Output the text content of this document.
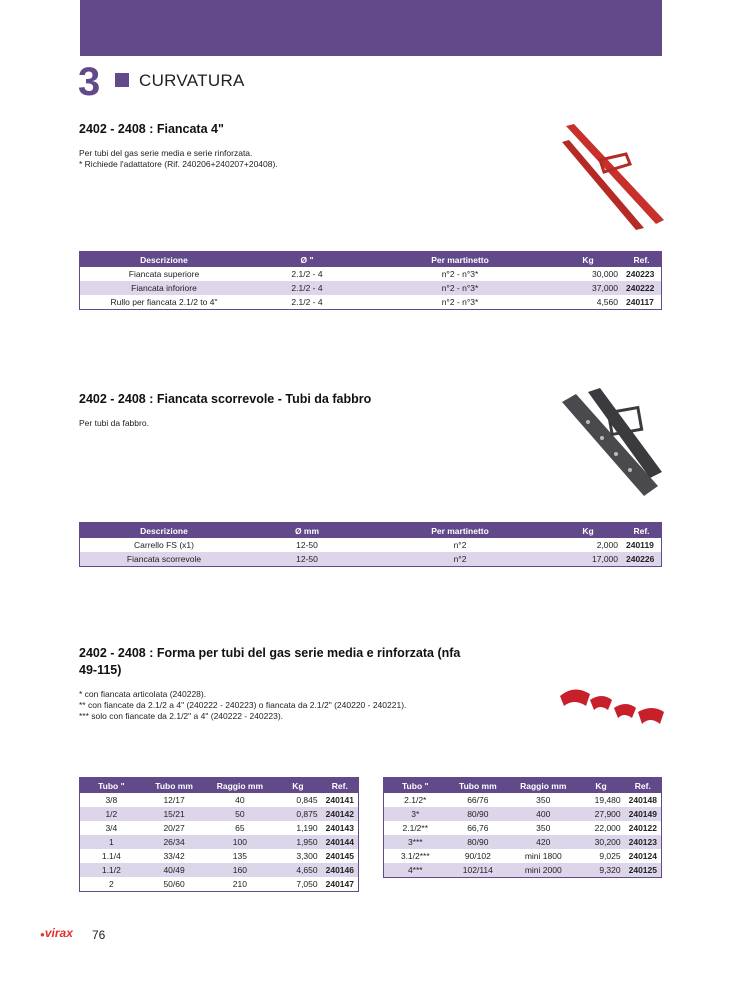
3 CURVATURA
2402 - 2408 : Fiancata 4"
Per tubi del gas serie media e serie rinforzata.
* Richiede l'adattatore (Rif. 240206+240207+20408).
Descrizione	Ø "	Per martinetto	Kg	Ref.
Fiancata superiore	2.1/2 - 4	n°2 - n°3*	30,000	240223
Fiancata inforiore	2.1/2 - 4	n°2 - n°3*	37,000	240222
Rullo per fiancata 2.1/2 to 4"	2.1/2 - 4	n°2 - n°3*	4,560	240117
2402 - 2408 : Fiancata scorrevole - Tubi da fabbro
Per tubi da fabbro.
Descrizione	Ø mm	Per martinetto	Kg	Ref.
Carrello FS (x1)	12-50	n°2	2,000	240119
Fiancata scorrevole	12-50	n°2	17,000	240226
2402 - 2408 : Forma per tubi del gas serie media e rinforzata (nfa
49-115)
* con fiancata articolata (240228).
** con fiancate da 2.1/2 a 4" (240222 - 240223) o fiancata da 2.1/2" (240220 - 240221).
*** solo con fiancate da 2.1/2" a 4" (240222 - 240223).
Tubo "	Tubo mm	Raggio mm	Kg	Ref.
3/8	12/17	40	0,845	240141
1/2	15/21	50	0,875	240142
3/4	20/27	65	1,190	240143
1	26/34	100	1,950	240144
1.1/4	33/42	135	3,300	240145
1.1/2	40/49	160	4,650	240146
2	50/60	210	7,050	240147
Tubo "	Tubo mm	Raggio mm	Kg	Ref.
2.1/2*	66/76	350	19,480	240148
3*	80/90	400	27,900	240149
2.1/2**	66,76	350	22,000	240122
3***	80/90	420	30,200	240123
3.1/2***	90/102	mini 1800	9,025	240124
4***	102/114	mini 2000	9,320	240125
●virax 76
